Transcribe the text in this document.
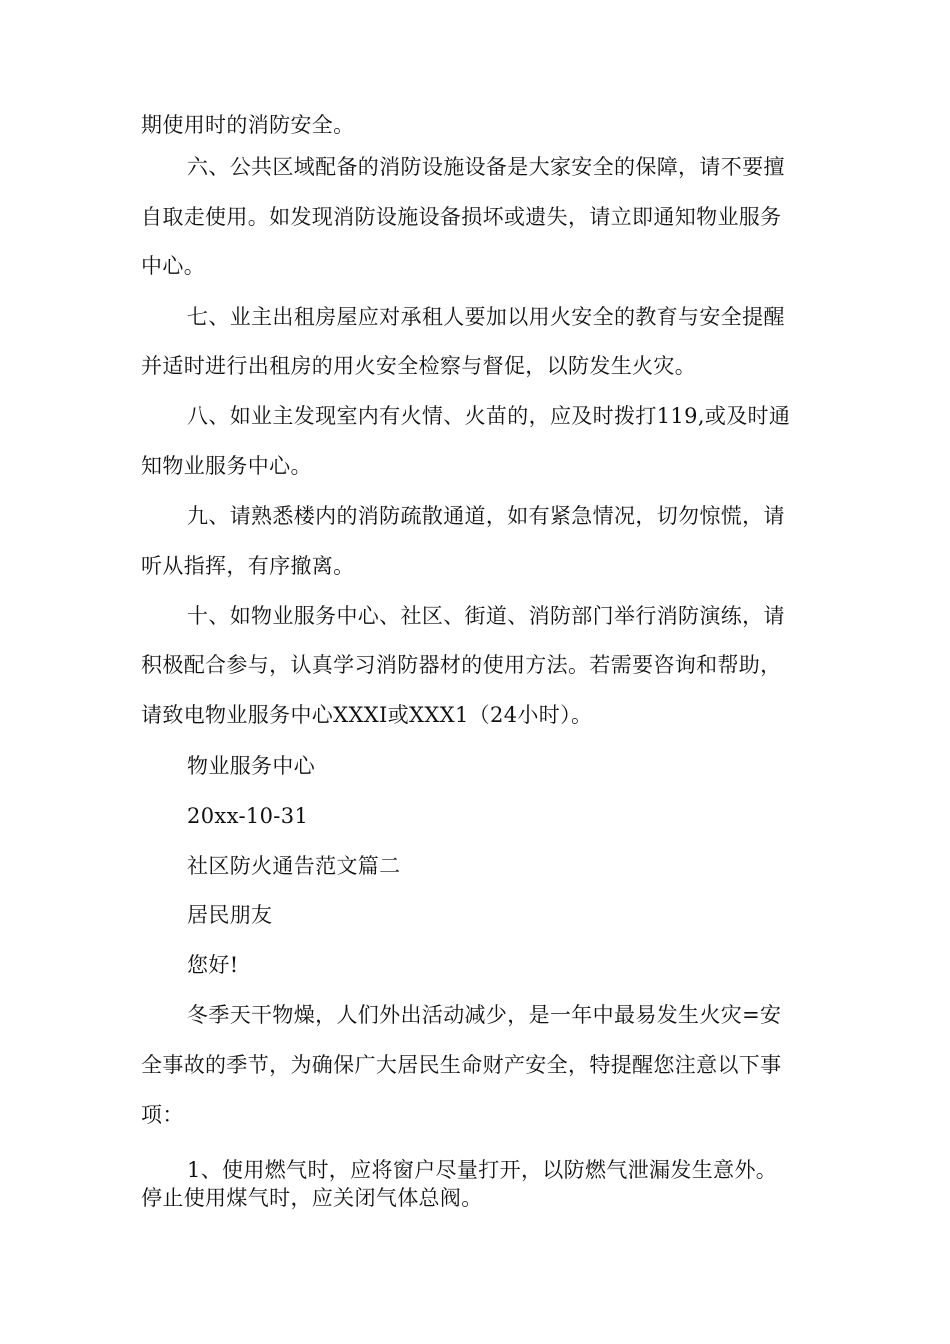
期使用时的消防安全。
六、公共区域配备的消防设施设备是大家安全的保障，请不要擅
自取走使用。如发现消防设施设备损坏或遗失，请立即通知物业服务
中心。
七、业主出租房屋应对承租人要加以用火安全的教育与安全提醒
并适时进行出租房的用火安全检察与督促，以防发生火灾。
八、如业主发现室内有火情、火苗的，应及时拨打119,或及时通
知物业服务中心。
九、请熟悉楼内的消防疏散通道，如有紧急情况，切勿惊慌，请
听从指挥，有序撤离。
十、如物业服务中心、社区、街道、消防部门举行消防演练，请
积极配合参与，认真学习消防器材的使用方法。若需要咨询和帮助，
请致电物业服务中心XXXI或XXX1（24小时）。
物业服务中心
20xx-10-31
社区防火通告范文篇二
居民朋友
您好!
冬季天干物燥，人们外出活动减少，是一年中最易发生火灾=安
全事故的季节，为确保广大居民生命财产安全，特提醒您注意以下事
项：
1、使用燃气时，应将窗户尽量打开，以防燃气泄漏发生意外。
停止使用煤气时，应关闭气体总阀。
